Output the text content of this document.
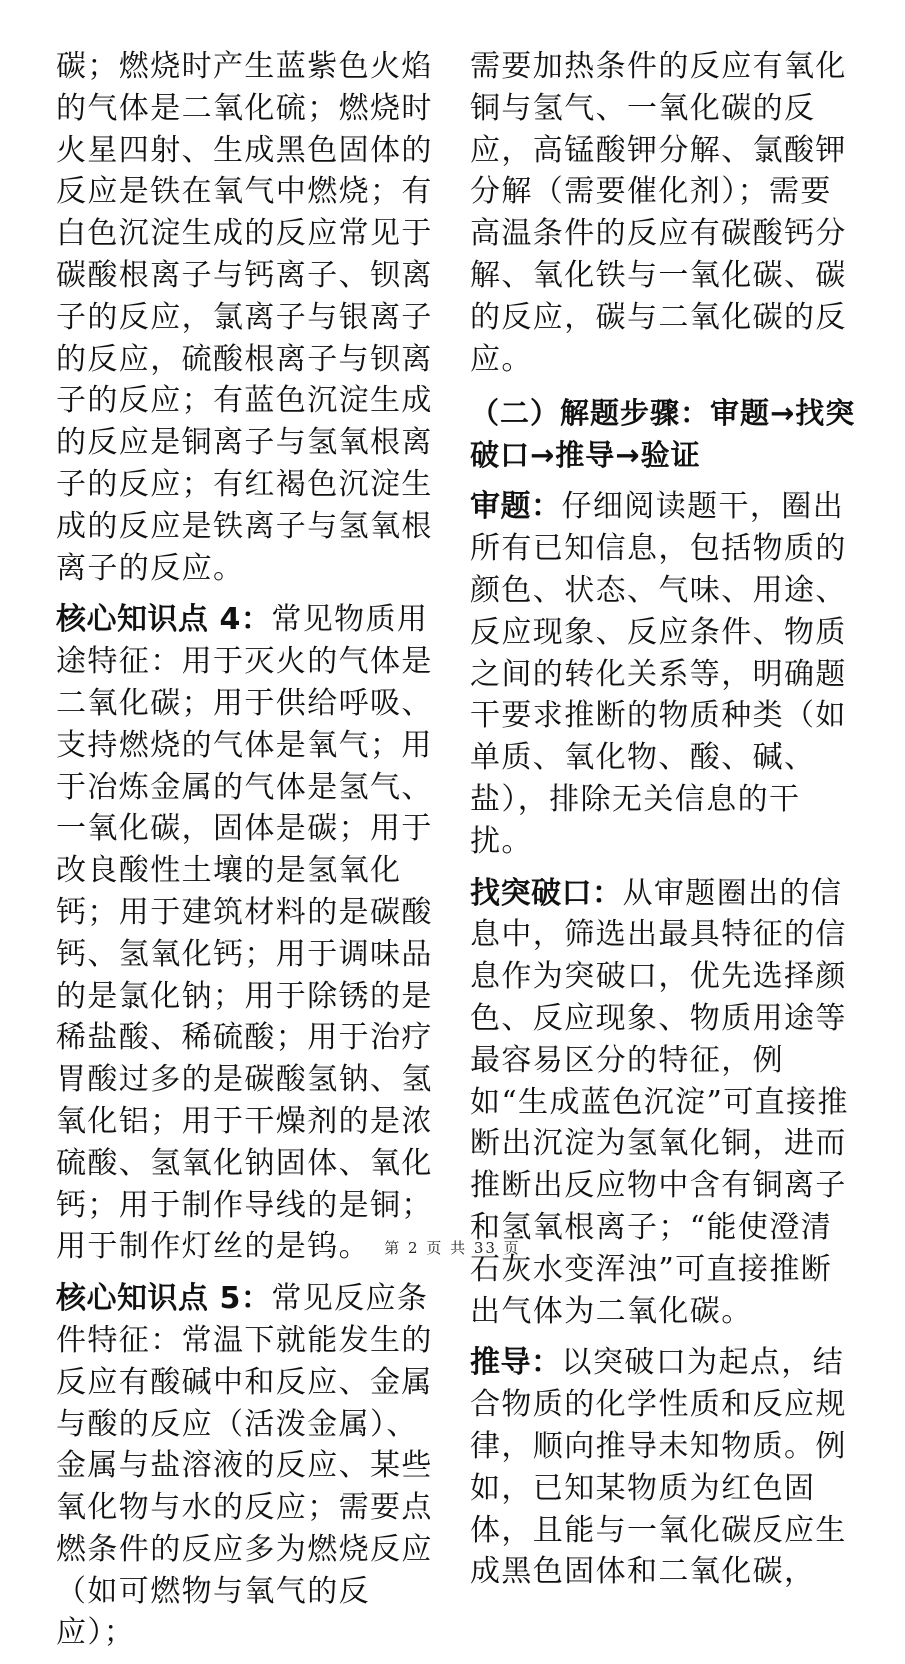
碳；燃烧时产生蓝紫色火焰的气体是二氧化硫；燃烧时火星四射、生成黑色固体的反应是铁在氧气中燃烧；有白色沉淀生成的反应常见于碳酸根离子与钙离子、钡离子的反应，氯离子与银离子的反应，硫酸根离子与钡离子的反应；有蓝色沉淀生成的反应是铜离子与氢氧根离子的反应；有红褐色沉淀生成的反应是铁离子与氢氧根离子的反应。

核心知识点 4：常见物质用途特征：用于灭火的气体是二氧化碳；用于供给呼吸、支持燃烧的气体是氧气；用于冶炼金属的气体是氢气、一氧化碳，固体是碳；用于改良酸性土壤的是氢氧化钙；用于建筑材料的是碳酸钙、氢氧化钙；用于调味品的是氯化钠；用于除锈的是稀盐酸、稀硫酸；用于治疗胃酸过多的是碳酸氢钠、氢氧化铝；用于干燥剂的是浓硫酸、氢氧化钠固体、氧化钙；用于制作导线的是铜；用于制作灯丝的是钨。

核心知识点 5：常见反应条件特征：常温下就能发生的反应有酸碱中和反应、金属与酸的反应（活泼金属）、金属与盐溶液的反应、某些氧化物与水的反应；需要点燃条件的反应多为燃烧反应（如可燃物与氧气的反应）；

需要加热条件的反应有氧化铜与氢气、一氧化碳的反应，高锰酸钾分解、氯酸钾分解（需要催化剂）；需要高温条件的反应有碳酸钙分解、氧化铁与一氧化碳、碳的反应，碳与二氧化碳的反应。

（二）解题步骤：审题→找突破口→推导→验证

审题：仔细阅读题干，圈出所有已知信息，包括物质的颜色、状态、气味、用途、反应现象、反应条件、物质之间的转化关系等，明确题干要求推断的物质种类（如单质、氧化物、酸、碱、盐），排除无关信息的干扰。

找突破口：从审题圈出的信息中，筛选出最具特征的信息作为突破口，优先选择颜色、反应现象、物质用途等最容易区分的特征，例如“生成蓝色沉淀”可直接推断出沉淀为氢氧化铜，进而推断出反应物中含有铜离子和氢氧根离子；“能使澄清石灰水变浑浊”可直接推断出气体为二氧化碳。

推导：以突破口为起点，结合物质的化学性质和反应规律，顺向推导未知物质。例如，已知某物质为红色固体，且能与一氧化碳反应生成黑色固体和二氧化碳，

第 2 页 共 33 页
